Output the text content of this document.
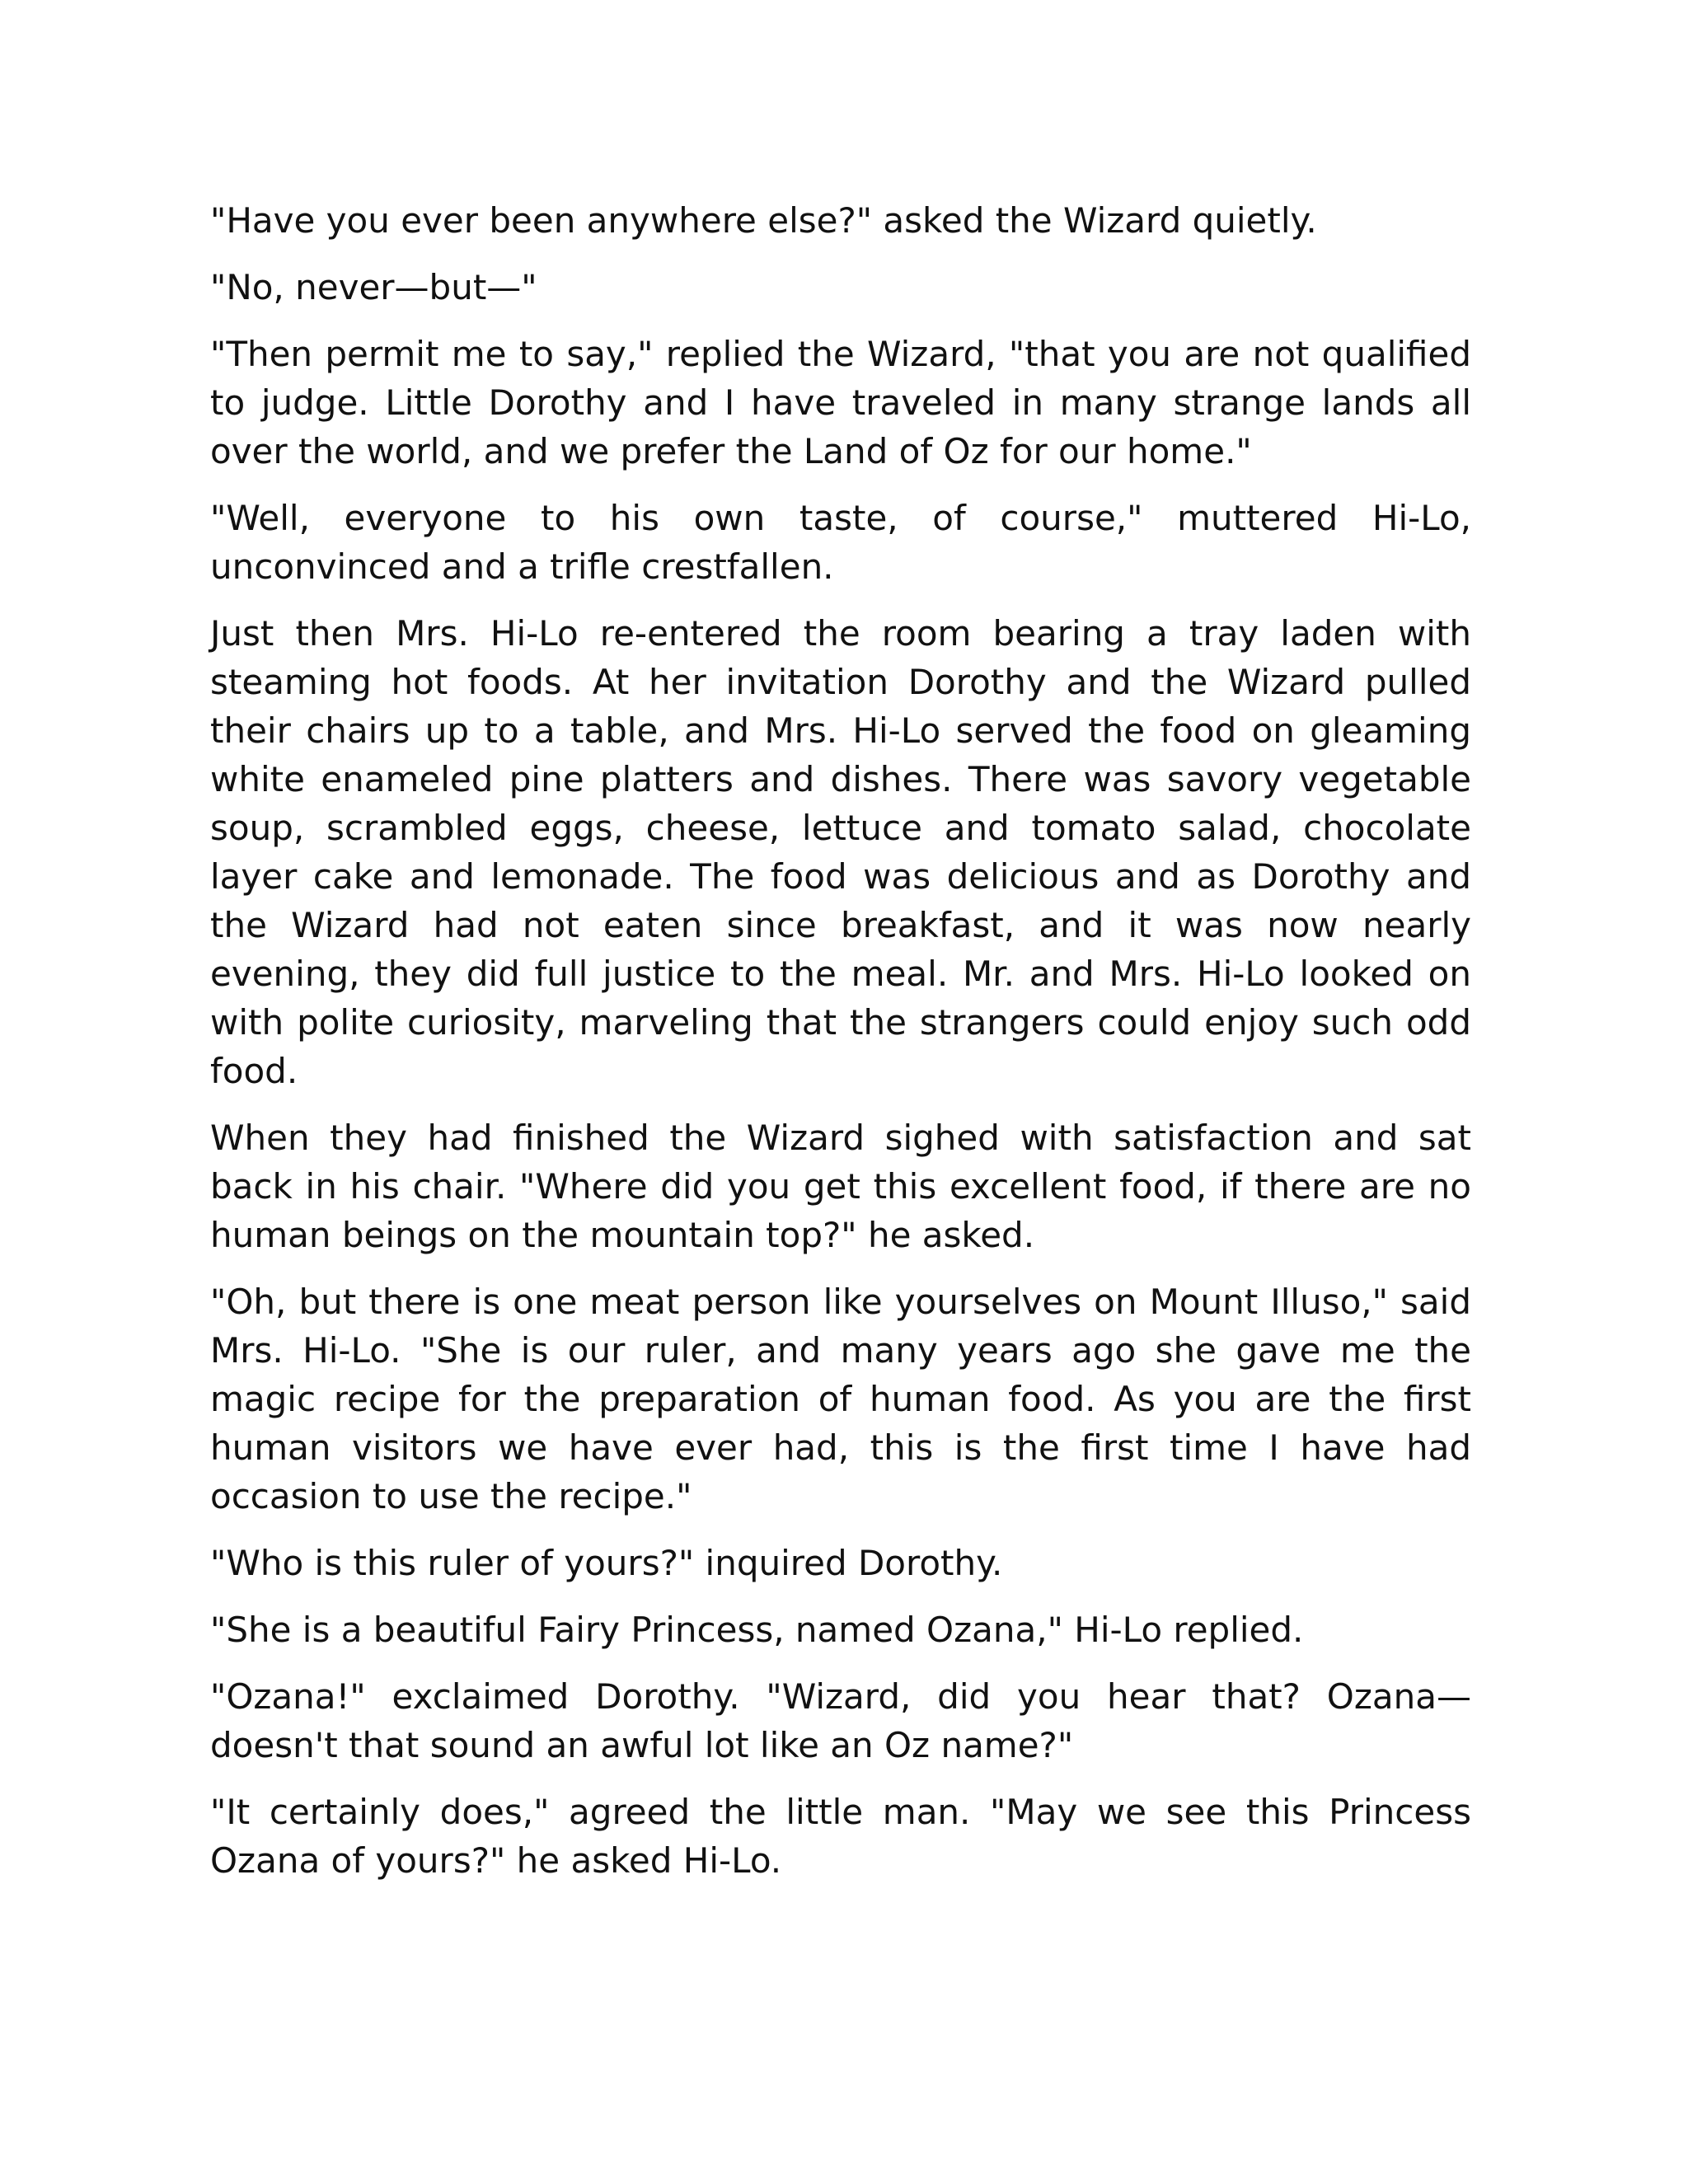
"Have you ever been anywhere else?" asked the Wizard quietly.

"No, never—but—"

"Then permit me to say," replied the Wizard, "that you are not qualified to judge. Little Dorothy and I have traveled in many strange lands all over the world, and we prefer the Land of Oz for our home."

"Well, everyone to his own taste, of course," muttered Hi-Lo, unconvinced and a trifle crestfallen.

Just then Mrs. Hi-Lo re-entered the room bearing a tray laden with steaming hot foods. At her invitation Dorothy and the Wizard pulled their chairs up to a table, and Mrs. Hi-Lo served the food on gleaming white enameled pine platters and dishes. There was savory vegetable soup, scrambled eggs, cheese, lettuce and tomato salad, chocolate layer cake and lemonade. The food was delicious and as Dorothy and the Wizard had not eaten since breakfast, and it was now nearly evening, they did full justice to the meal. Mr. and Mrs. Hi-Lo looked on with polite curiosity, marveling that the strangers could enjoy such odd food.

When they had finished the Wizard sighed with satisfaction and sat back in his chair. "Where did you get this excellent food, if there are no human beings on the mountain top?" he asked.

"Oh, but there is one meat person like yourselves on Mount Illuso," said Mrs. Hi-Lo. "She is our ruler, and many years ago she gave me the magic recipe for the preparation of human food. As you are the first human visitors we have ever had, this is the first time I have had occasion to use the recipe."

"Who is this ruler of yours?" inquired Dorothy.

"She is a beautiful Fairy Princess, named Ozana," Hi-Lo replied.

"Ozana!" exclaimed Dorothy. "Wizard, did you hear that? Ozana—doesn't that sound an awful lot like an Oz name?"

"It certainly does," agreed the little man. "May we see this Princess Ozana of yours?" he asked Hi-Lo.
